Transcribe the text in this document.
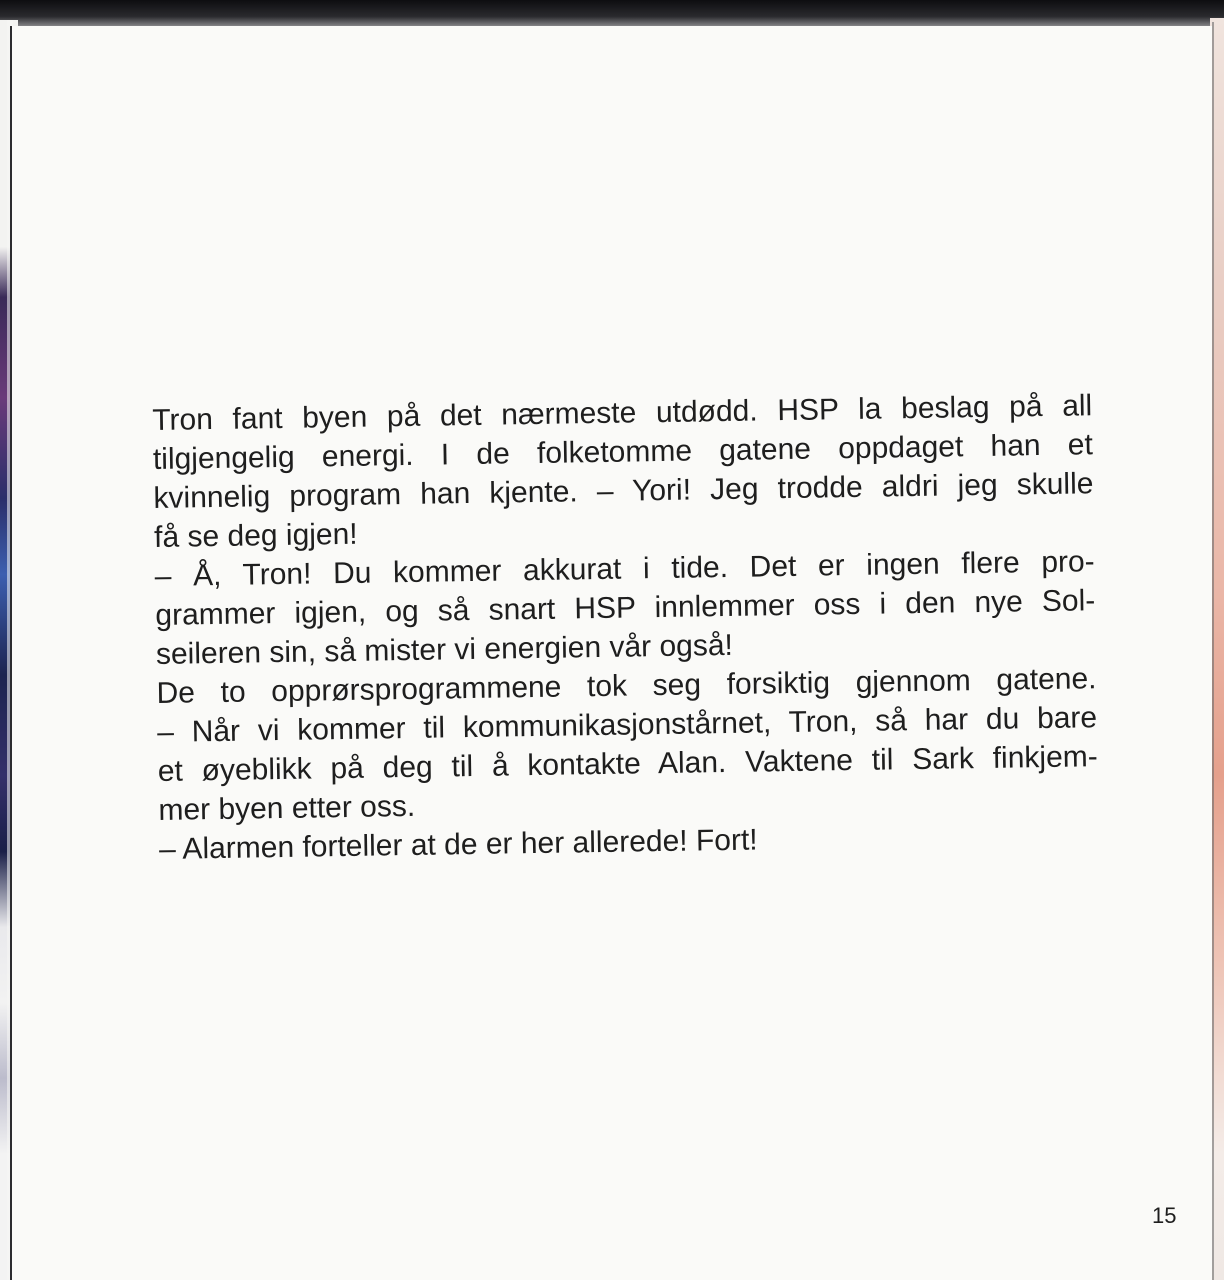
Tron fant byen på det nærmeste utdødd. HSP la beslag på all
tilgjengelig energi. I de folketomme gatene oppdaget han et
kvinnelig program han kjente. – Yori! Jeg trodde aldri jeg skulle
få se deg igjen!
– Å, Tron! Du kommer akkurat i tide. Det er ingen flere pro-
grammer igjen, og så snart HSP innlemmer oss i den nye Sol-
seileren sin, så mister vi energien vår også!
De to opprørsprogrammene tok seg forsiktig gjennom gatene.
– Når vi kommer til kommunikasjonstårnet, Tron, så har du bare
et øyeblikk på deg til å kontakte Alan. Vaktene til Sark finkjem-
mer byen etter oss.
– Alarmen forteller at de er her allerede! Fort!

15
